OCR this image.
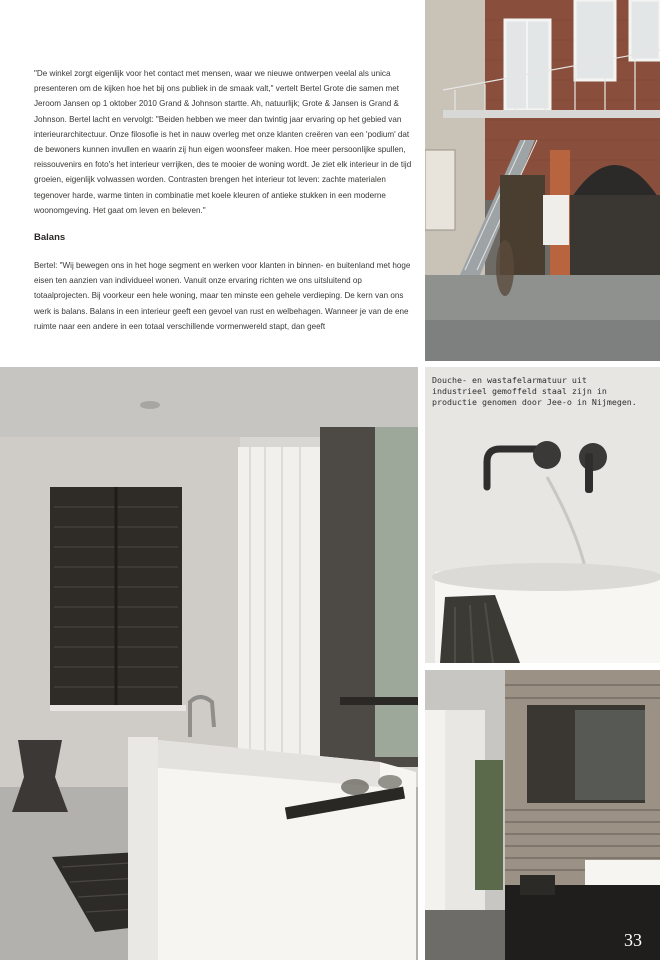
"De winkel zorgt eigenlijk voor het contact met mensen, waar we nieuwe ontwerpen veelal als unica presenteren om de kijken hoe het bij ons publiek in de smaak valt," vertelt Bertel Grote die samen met Jeroom Jansen op 1 oktober 2010 Grand & Johnson startte. Ah, natuurlijk; Grote & Jansen is Grand & Johnson. Bertel lacht en vervolgt: "Beiden hebben we meer dan twintig jaar ervaring op het gebied van interieurarchitectuur. Onze filosofie is het in nauw overleg met onze klanten creëren van een 'podium' dat de bewoners kunnen invullen en waarin zij hun eigen woonsfeer maken. Hoe meer persoonlijke spullen, reissouvenirs en foto's het interieur verrijken, des te mooier de woning wordt. Je ziet elk interieur in de tijd groeien, eigenlijk volwassen worden. Contrasten brengen het interieur tot leven: zachte materialen tegenover harde, warme tinten in combinatie met koele kleuren of antieke stukken in een moderne woonomgeving. Het gaat om leven en beleven."

Balans

Bertel: "Wij bewegen ons in het hoge segment en werken voor klanten in binnen- en buitenland met hoge eisen ten aanzien van individueel wonen. Vanuit onze ervaring richten we ons uitsluitend op totaalprojecten. Bij voorkeur een hele woning, maar ten minste een gehele verdieping. De kern van ons werk is balans. Balans in een interieur geeft een gevoel van rust en welbehagen. Wanneer je van de ene ruimte naar een andere in een totaal verschillende vormenwereld stapt, dan geeft

Douche- en wastafelarmatuur uit industrieel gemoffeld staal zijn in productie genomen door Jee-o in Nijmegen.
33
